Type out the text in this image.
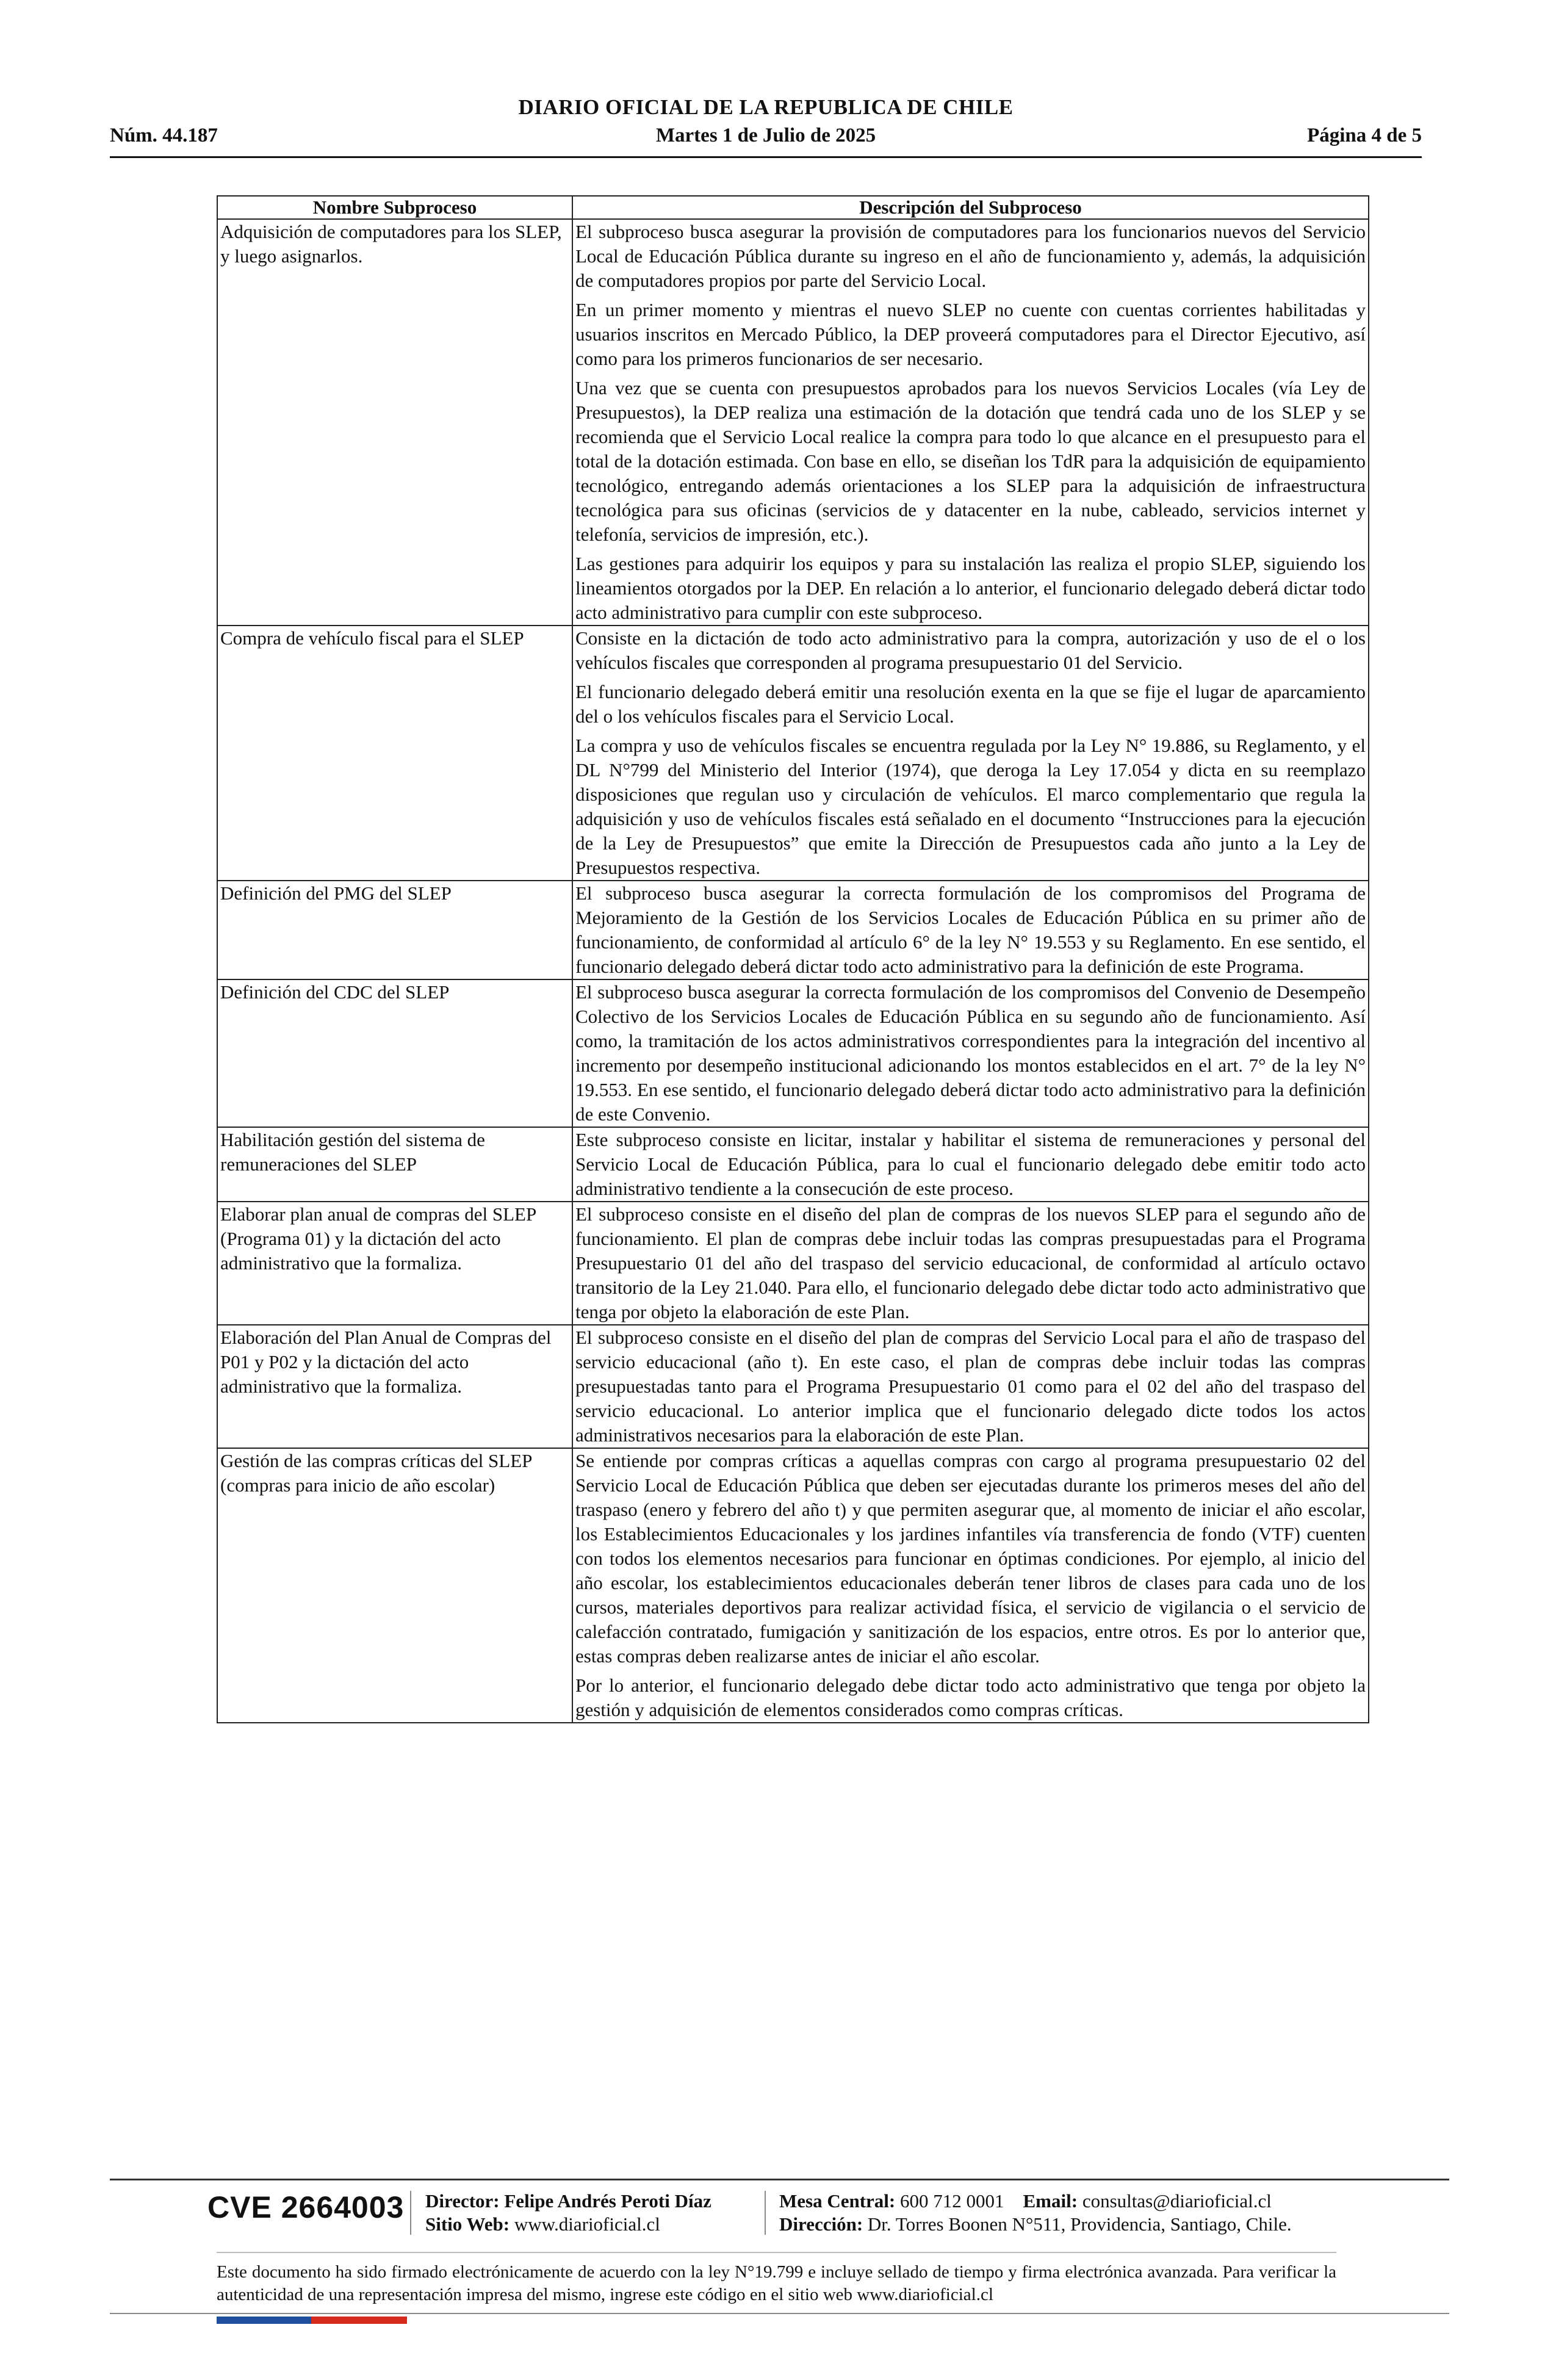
Núm. 44.187
DIARIO OFICIAL DE LA REPUBLICA DE CHILE
Martes 1 de Julio de 2025	Página 4 de 5
Nombre Subproceso	Descripción del Subproceso
Adquisición de computadores para los SLEP, y luego asignarlos.	El subproceso busca asegurar la provisión de computadores para los funcionarios nuevos del Servicio Local de Educación Pública durante su ingreso en el año de funcionamiento y, además, la adquisición de computadores propios por parte del Servicio Local.

En un primer momento y mientras el nuevo SLEP no cuente con cuentas corrientes habilitadas y usuarios inscritos en Mercado Público, la DEP proveerá computadores para el Director Ejecutivo, así como para los primeros funcionarios de ser necesario.

Una vez que se cuenta con presupuestos aprobados para los nuevos Servicios Locales (vía Ley de Presupuestos), la DEP realiza una estimación de la dotación que tendrá cada uno de los SLEP y se recomienda que el Servicio Local realice la compra para todo lo que alcance en el presupuesto para el total de la dotación estimada. Con base en ello, se diseñan los TdR para la adquisición de equipamiento tecnológico, entregando además orientaciones a los SLEP para la adquisición de infraestructura tecnológica para sus oficinas (servicios de y datacenter en la nube, cableado, servicios internet y telefonía, servicios de impresión, etc.).

Las gestiones para adquirir los equipos y para su instalación las realiza el propio SLEP, siguiendo los lineamientos otorgados por la DEP. En relación a lo anterior, el funcionario delegado deberá dictar todo acto administrativo para cumplir con este subproceso.

Compra de vehículo fiscal para el SLEP	Consiste en la dictación de todo acto administrativo para la compra, autorización y uso de el o los vehículos fiscales que corresponden al programa presupuestario 01 del Servicio.

El funcionario delegado deberá emitir una resolución exenta en la que se fije el lugar de aparcamiento del o los vehículos fiscales para el Servicio Local.

La compra y uso de vehículos fiscales se encuentra regulada por la Ley N° 19.886, su Reglamento, y el DL N°799 del Ministerio del Interior (1974), que deroga la Ley 17.054 y dicta en su reemplazo disposiciones que regulan uso y circulación de vehículos. El marco complementario que regula la adquisición y uso de vehículos fiscales está señalado en el documento “Instrucciones para la ejecución de la Ley de Presupuestos” que emite la Dirección de Presupuestos cada año junto a la Ley de Presupuestos respectiva.

Definición del PMG del SLEP	El subproceso busca asegurar la correcta formulación de los compromisos del Programa de Mejoramiento de la Gestión de los Servicios Locales de Educación Pública en su primer año de funcionamiento, de conformidad al artículo 6° de la ley N° 19.553 y su Reglamento. En ese sentido, el funcionario delegado deberá dictar todo acto administrativo para la definición de este Programa.

Definición del CDC del SLEP	El subproceso busca asegurar la correcta formulación de los compromisos del Convenio de Desempeño Colectivo de los Servicios Locales de Educación Pública en su segundo año de funcionamiento. Así como, la tramitación de los actos administrativos correspondientes para la integración del incentivo al incremento por desempeño institucional adicionando los montos establecidos en el art. 7° de la ley N° 19.553. En ese sentido, el funcionario delegado deberá dictar todo acto administrativo para la definición de este Convenio.

Habilitación gestión del sistema de remuneraciones del SLEP	Este subproceso consiste en licitar, instalar y habilitar el sistema de remuneraciones y personal del Servicio Local de Educación Pública, para lo cual el funcionario delegado debe emitir todo acto administrativo tendiente a la consecución de este proceso.

Elaborar plan anual de compras del SLEP (Programa 01) y la dictación del acto administrativo que la formaliza.	El subproceso consiste en el diseño del plan de compras de los nuevos SLEP para el segundo año de funcionamiento. El plan de compras debe incluir todas las compras presupuestadas para el Programa Presupuestario 01 del año del traspaso del servicio educacional, de conformidad al artículo octavo transitorio de la Ley 21.040. Para ello, el funcionario delegado debe dictar todo acto administrativo que tenga por objeto la elaboración de este Plan.

Elaboración del Plan Anual de Compras del P01 y P02 y la dictación del acto administrativo que la formaliza.	El subproceso consiste en el diseño del plan de compras del Servicio Local para el año de traspaso del servicio educacional (año t). En este caso, el plan de compras debe incluir todas las compras presupuestadas tanto para el Programa Presupuestario 01 como para el 02 del año del traspaso del servicio educacional. Lo anterior implica que el funcionario delegado dicte todos los actos administrativos necesarios para la elaboración de este Plan.

Gestión de las compras críticas del SLEP (compras para inicio de año escolar)	Se entiende por compras críticas a aquellas compras con cargo al programa presupuestario 02 del Servicio Local de Educación Pública que deben ser ejecutadas durante los primeros meses del año del traspaso (enero y febrero del año t) y que permiten asegurar que, al momento de iniciar el año escolar, los Establecimientos Educacionales y los jardines infantiles vía transferencia de fondo (VTF) cuenten con todos los elementos necesarios para funcionar en óptimas condiciones. Por ejemplo, al inicio del año escolar, los establecimientos educacionales deberán tener libros de clases para cada uno de los cursos, materiales deportivos para realizar actividad física, el servicio de vigilancia o el servicio de calefacción contratado, fumigación y sanitización de los espacios, entre otros. Es por lo anterior que, estas compras deben realizarse antes de iniciar el año escolar.

Por lo anterior, el funcionario delegado debe dictar todo acto administrativo que tenga por objeto la gestión y adquisición de elementos considerados como compras críticas.

CVE 2664003 Director: Felipe Andrés Peroti Díaz
Sitio Web: www.diarioficial.cl
Mesa Central: 600 712 0001 Email: consultas@diarioficial.cl
Dirección: Dr. Torres Boonen N°511, Providencia, Santiago, Chile.
Este documento ha sido firmado electrónicamente de acuerdo con la ley N°19.799 e incluye sellado de tiempo y firma electrónica avanzada. Para verificar la autenticidad de una representación impresa del mismo, ingrese este código en el sitio web www.diarioficial.cl
